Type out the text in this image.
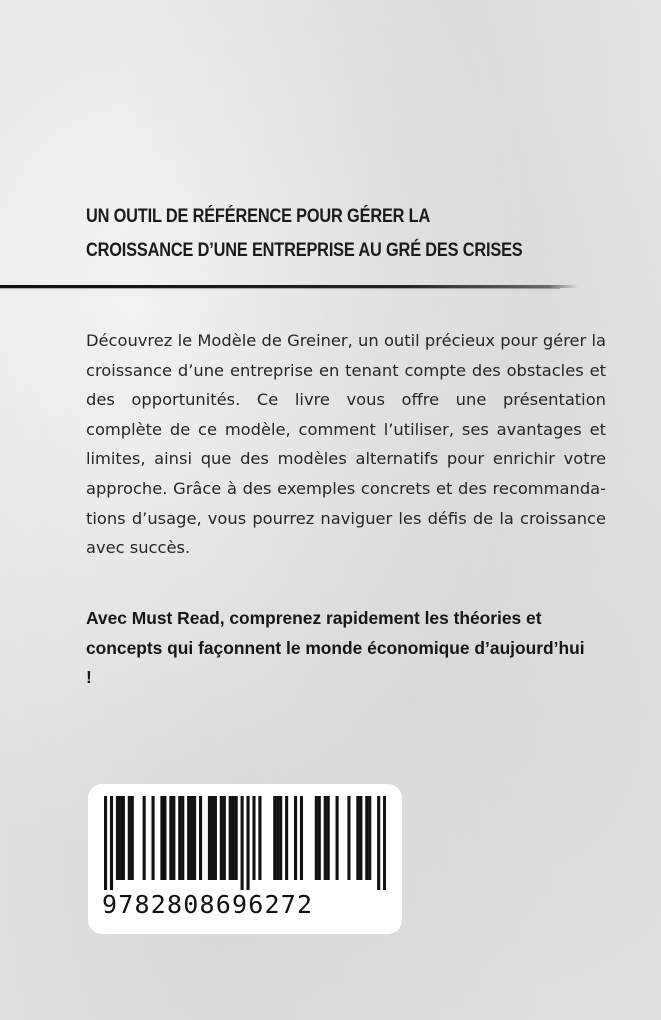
UN OUTIL DE RÉFÉRENCE POUR GÉRER LA
CROISSANCE D’UNE ENTREPRISE AU GRÉ DES CRISES

Découvrez le Modèle de Greiner, un outil précieux pour gérer la croissance d’une entreprise en tenant compte des obstacles et des opportunités. Ce livre vous offre une présentation complète de ce modèle, comment l’utiliser, ses avantages et limites, ainsi que des modèles alternatifs pour enrichir votre approche. Grâce à des exemples concrets et des recommandations d’usage, vous pourrez naviguer les défis de la croissance avec succès.

Avec Must Read, comprenez rapidement les théories et concepts qui façonnent le monde économique d’aujourd’hui !

9782808696272
